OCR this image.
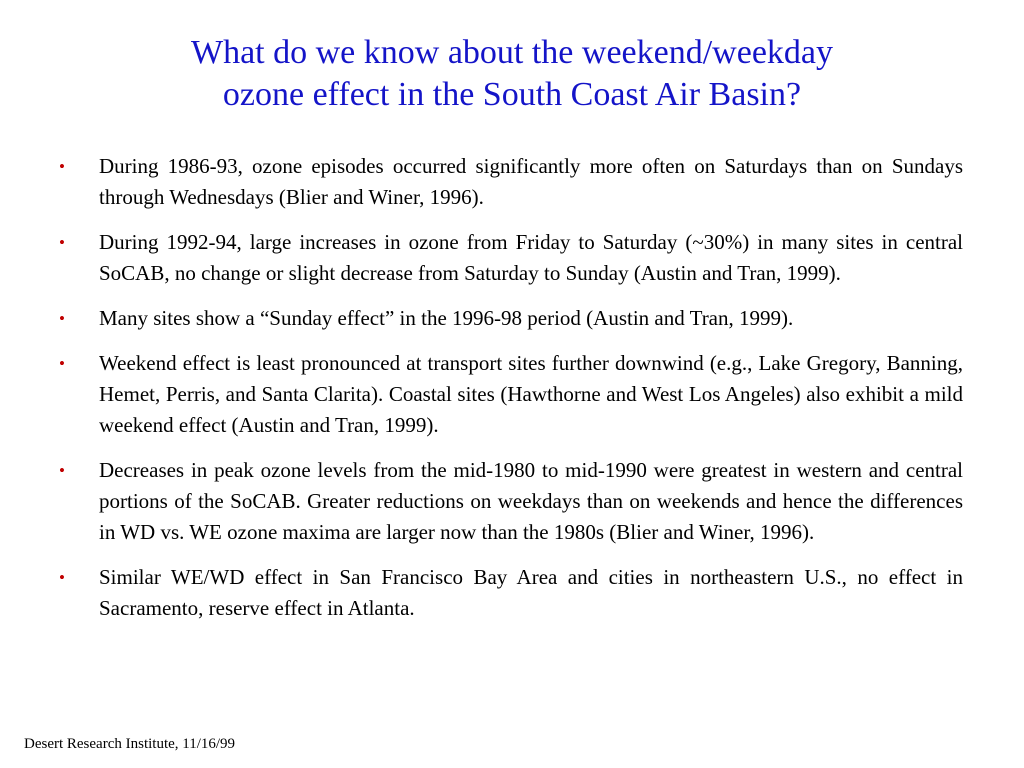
What do we know about the weekend/weekday
ozone effect in the South Coast Air Basin?
• During 1986-93, ozone episodes occurred significantly more often on Saturdays than on Sundays through Wednesdays (Blier and Winer, 1996).
• During 1992-94, large increases in ozone from Friday to Saturday (~30%) in many sites in central SoCAB, no change or slight decrease from Saturday to Sunday (Austin and Tran, 1999).
• Many sites show a “Sunday effect” in the 1996-98 period (Austin and Tran, 1999).
• Weekend effect is least pronounced at transport sites further downwind (e.g., Lake Gregory, Banning, Hemet, Perris, and Santa Clarita). Coastal sites (Hawthorne and West Los Angeles) also exhibit a mild weekend effect (Austin and Tran, 1999).
• Decreases in peak ozone levels from the mid-1980 to mid-1990 were greatest in western and central portions of the SoCAB. Greater reductions on weekdays than on weekends and hence the differences in WD vs. WE ozone maxima are larger now than the 1980s (Blier and Winer, 1996).
• Similar WE/WD effect in San Francisco Bay Area and cities in northeastern U.S., no effect in Sacramento, reserve effect in Atlanta.
Desert Research Institute, 11/16/99
